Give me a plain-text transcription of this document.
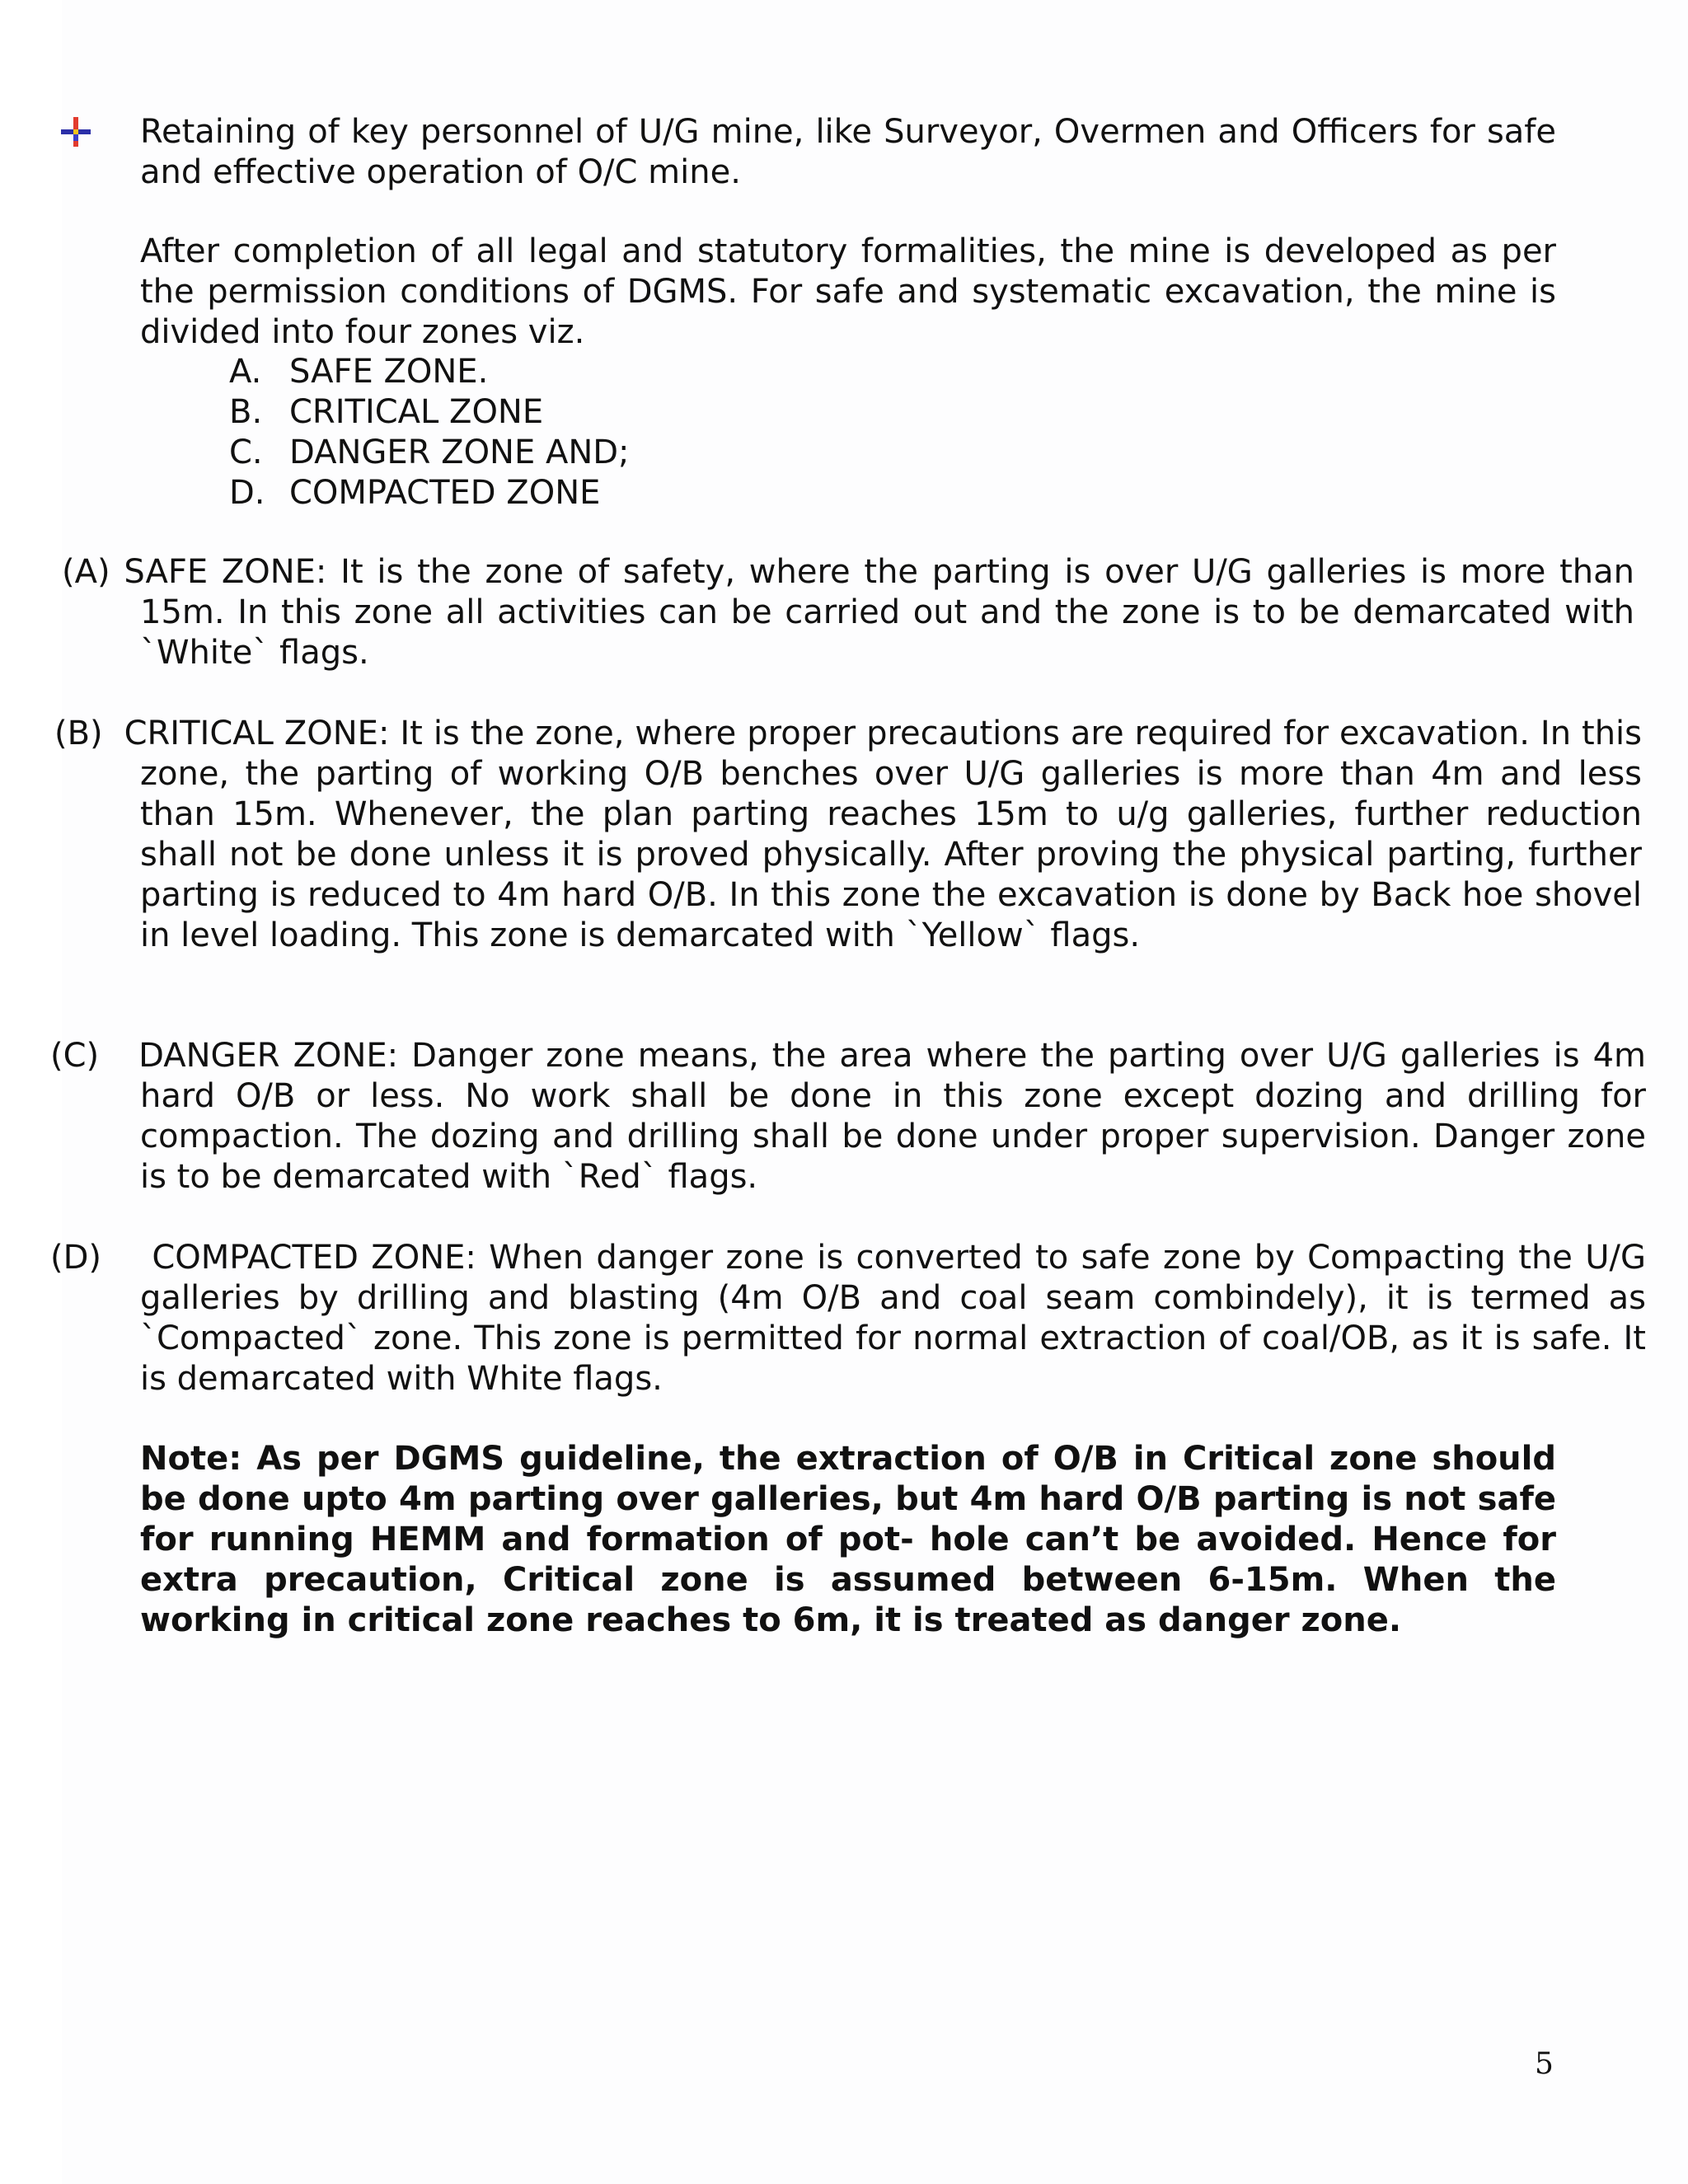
Retaining of key personnel of U/G mine, like Surveyor, Overmen and Officers for safe and effective operation of O/C mine.

After completion of all legal and statutory formalities, the mine is developed as per the permission conditions of DGMS. For safe and systematic excavation, the mine is divided into four zones viz.

A. SAFE ZONE.
B. CRITICAL ZONE
C. DANGER ZONE AND;
D. COMPACTED ZONE

(A) SAFE ZONE: It is the zone of safety, where the parting is over U/G galleries is more than 15m. In this zone all activities can be carried out and the zone is to be demarcated with `White` flags.

(B) CRITICAL ZONE: It is the zone, where proper precautions are required for excavation. In this zone, the parting of working O/B benches over U/G galleries is more than 4m and less than 15m. Whenever, the plan parting reaches 15m to u/g galleries, further reduction shall not be done unless it is proved physically. After proving the physical parting, further parting is reduced to 4m hard O/B. In this zone the excavation is done by Back hoe shovel in level loading. This zone is demarcated with `Yellow` flags.

(C) DANGER ZONE: Danger zone means, the area where the parting over U/G galleries is 4m hard O/B or less. No work shall be done in this zone except dozing and drilling for compaction. The dozing and drilling shall be done under proper supervision. Danger zone is to be demarcated with `Red` flags.

(D) COMPACTED ZONE: When danger zone is converted to safe zone by Compacting the U/G galleries by drilling and blasting (4m O/B and coal seam combindely), it is termed as `Compacted` zone. This zone is permitted for normal extraction of coal/OB, as it is safe. It is demarcated with White flags.

Note: As per DGMS guideline, the extraction of O/B in Critical zone should be done upto 4m parting over galleries, but 4m hard O/B parting is not safe for running HEMM and formation of pot- hole can’t be avoided. Hence for extra precaution, Critical zone is assumed between 6-15m. When the working in critical zone reaches to 6m, it is treated as danger zone.

5
